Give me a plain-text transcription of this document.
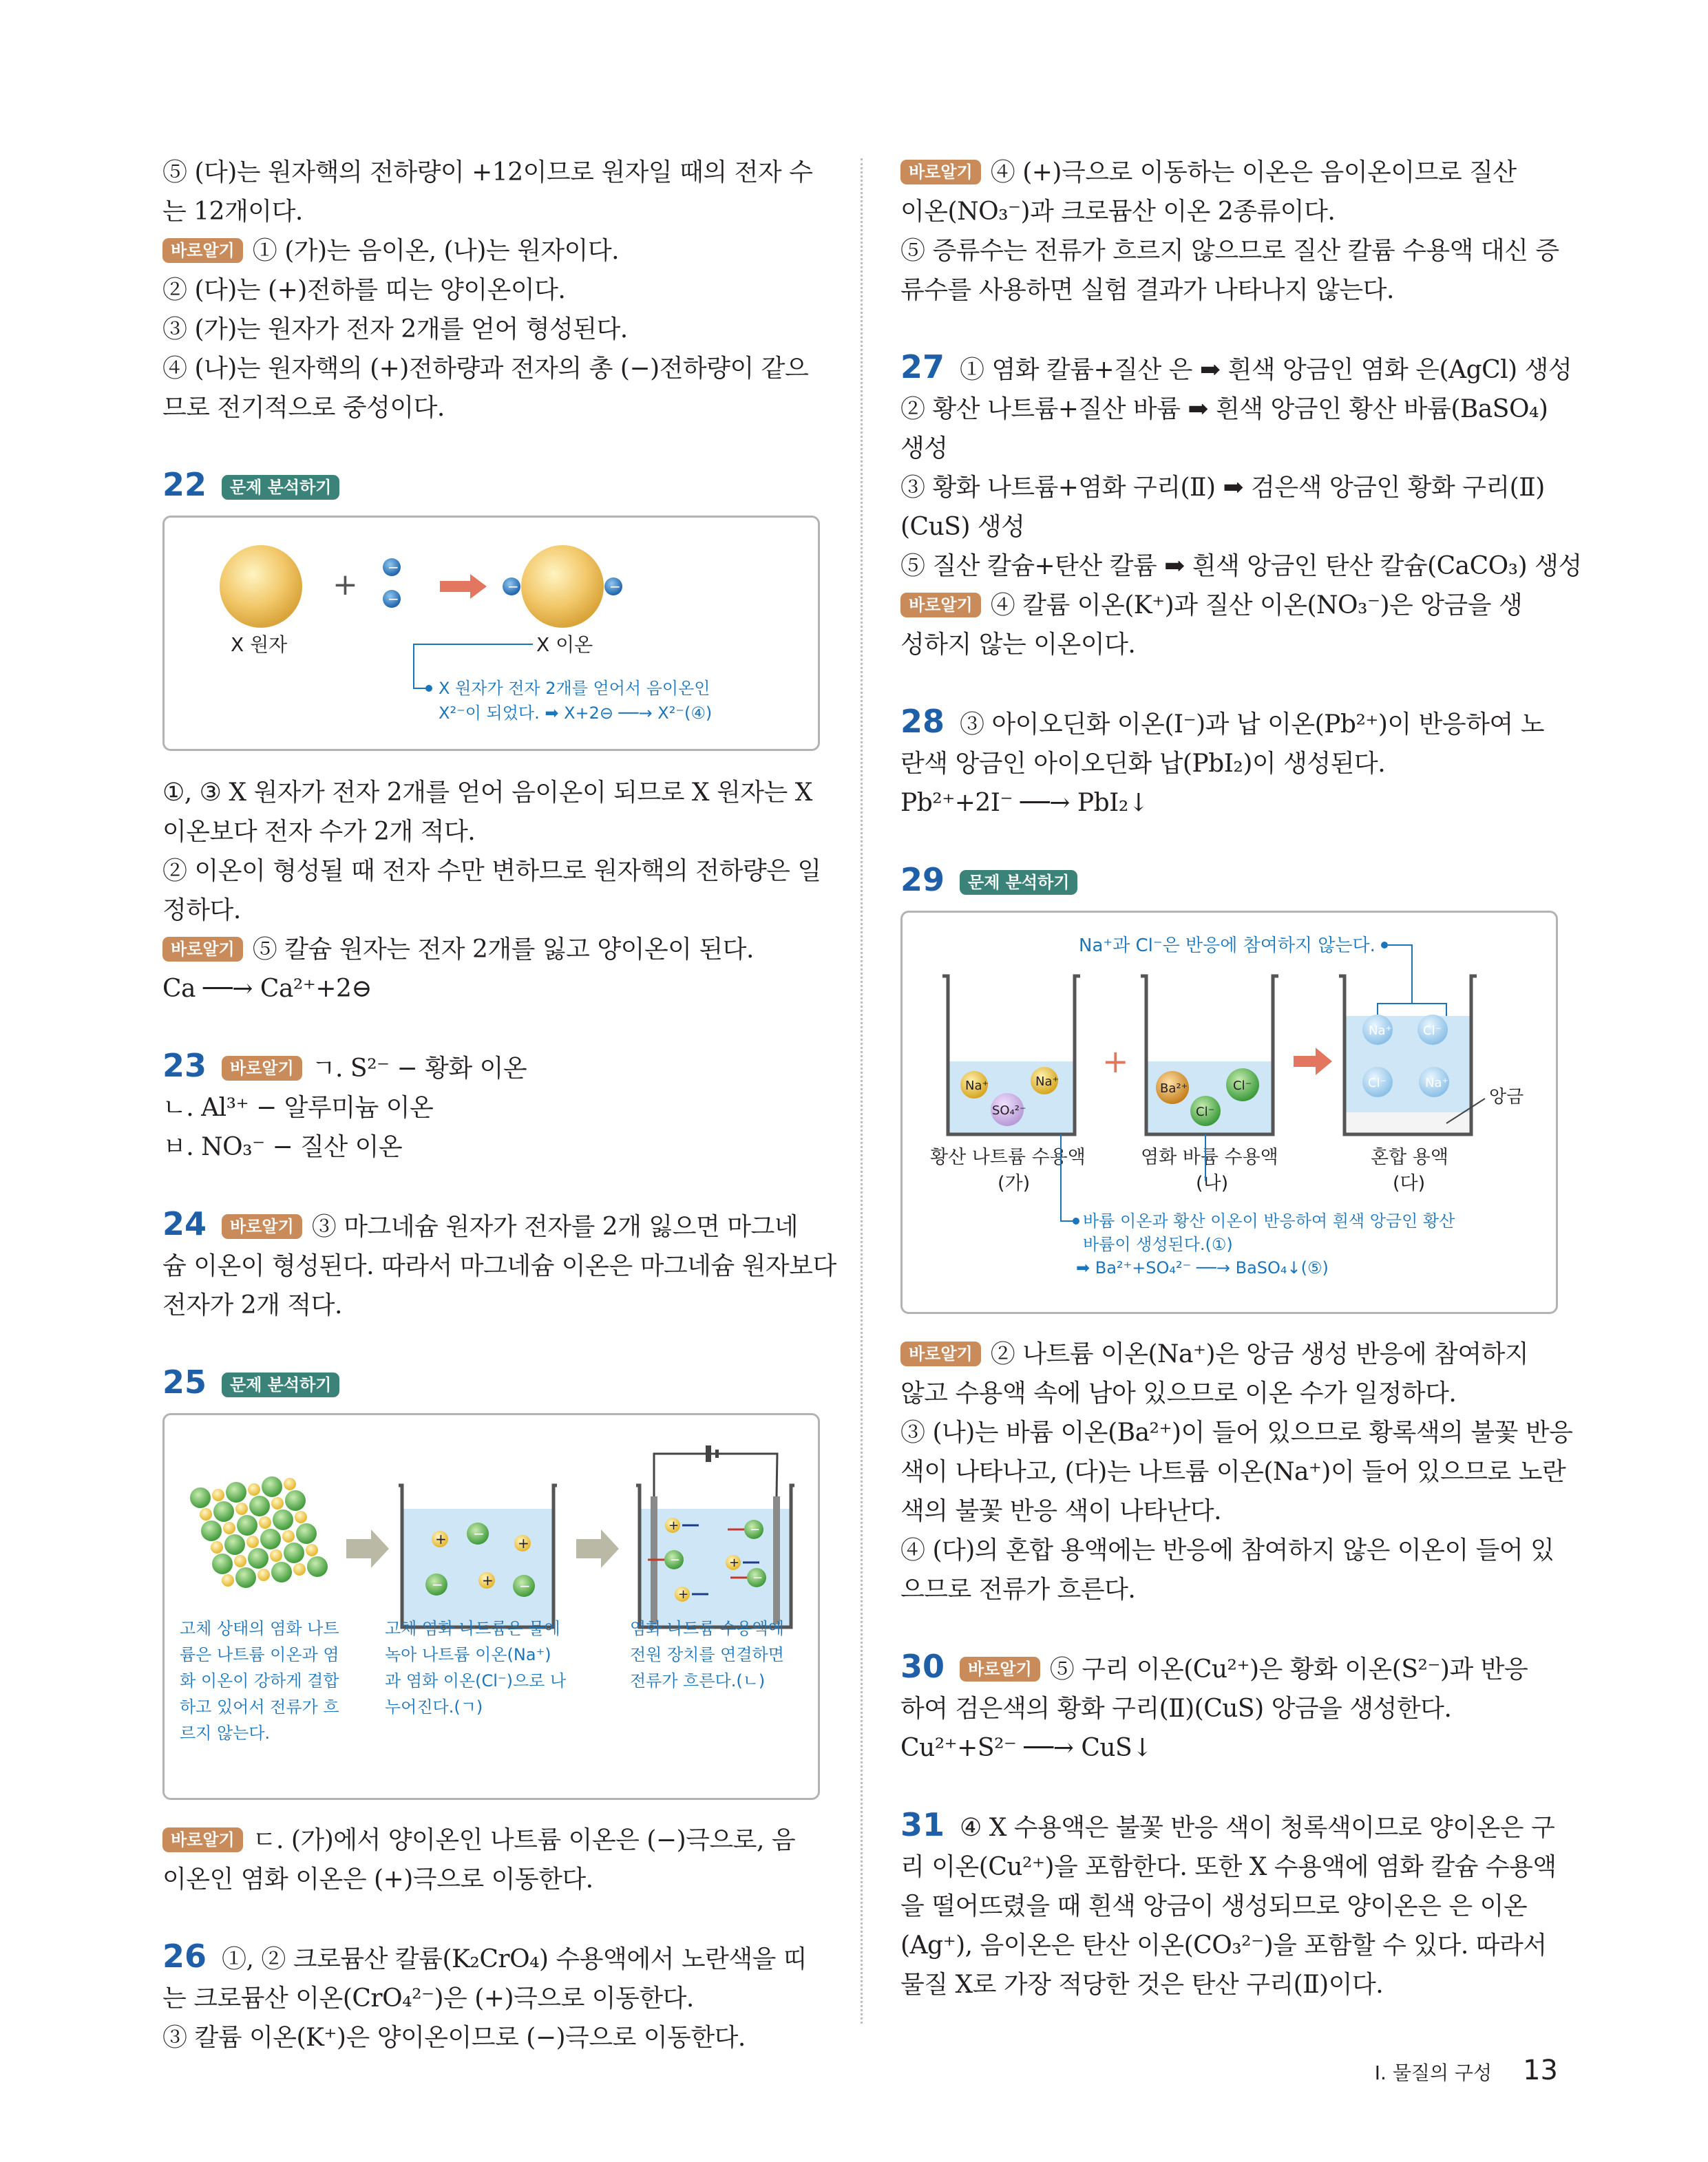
⑤ (다)는 원자핵의 전하량이 +12이므로 원자일 때의 전자 수
는 12개이다.
바로알기 ① (가)는 음이온, (나)는 원자이다.
② (다)는 (+)전하를 띠는 양이온이다.
③ (가)는 원자가 전자 2개를 얻어 형성된다.
④ (나)는 원자핵의 (+)전하량과 전자의 총 (−)전하량이 같으
므로 전기적으로 중성이다.
22 문제 분석하기
+ −
−
−	−
X 원자	X 이온
X 원자가 전자 2개를 얻어서 음이온인
X²⁻이 되었다. ➡ X+2⊖ ──→ X²⁻(④)
①, ③ X 원자가 전자 2개를 얻어 음이온이 되므로 X 원자는 X
이온보다 전자 수가 2개 적다.
② 이온이 형성될 때 전자 수만 변하므로 원자핵의 전하량은 일
정하다.
바로알기 ⑤ 칼슘 원자는 전자 2개를 잃고 양이온이 된다.
Ca ──→ Ca²⁺+2⊖
23 바로알기 ㄱ. S²⁻ − 황화 이온
ㄴ. Al³⁺ − 알루미늄 이온
ㅂ. NO₃⁻ − 질산 이온
24 바로알기 ③ 마그네슘 원자가 전자를 2개 잃으면 마그네
슘 이온이 형성된다. 따라서 마그네슘 이온은 마그네슘 원자보다
전자가 2개 적다.
25 문제 분석하기
+ −
+
−	+ −
+	−
−	+
−
+
고체 상태의 염화 나트
륨은 나트륨 이온과 염
화 이온이 강하게 결합
하고 있어서 전류가 흐
르지 않는다.
고체 염화 나트륨은 물에
녹아 나트륨 이온(Na⁺)
과 염화 이온(Cl⁻)으로 나
누어진다.(ㄱ)
염화 나트륨 수용액에
전원 장치를 연결하면
전류가 흐른다.(ㄴ)
바로알기 ㄷ. (가)에서 양이온인 나트륨 이온은 (−)극으로, 음
이온인 염화 이온은 (+)극으로 이동한다.
26 ①, ② 크로뮴산 칼륨(K₂CrO₄) 수용액에서 노란색을 띠
는 크로뮴산 이온(CrO₄²⁻)은 (+)극으로 이동한다.
③ 칼륨 이온(K⁺)은 양이온이므로 (−)극으로 이동한다.
바로알기 ④ (+)극으로 이동하는 이온은 음이온이므로 질산
이온(NO₃⁻)과 크로뮴산 이온 2종류이다.
⑤ 증류수는 전류가 흐르지 않으므로 질산 칼륨 수용액 대신 증
류수를 사용하면 실험 결과가 나타나지 않는다.
27 ① 염화 칼륨+질산 은 ➡ 흰색 앙금인 염화 은(AgCl) 생성
② 황산 나트륨+질산 바륨 ➡ 흰색 앙금인 황산 바륨(BaSO₄)
생성
③ 황화 나트륨+염화 구리(Ⅱ) ➡ 검은색 앙금인 황화 구리(Ⅱ)
(CuS) 생성
⑤ 질산 칼슘+탄산 칼륨 ➡ 흰색 앙금인 탄산 칼슘(CaCO₃) 생성
바로알기 ④ 칼륨 이온(K⁺)과 질산 이온(NO₃⁻)은 앙금을 생
성하지 않는 이온이다.
28 ③ 아이오딘화 이온(I⁻)과 납 이온(Pb²⁺)이 반응하여 노
란색 앙금인 아이오딘화 납(PbI₂)이 생성된다.
Pb²⁺+2I⁻ ──→ PbI₂↓
29 문제 분석하기
Na⁺과 Cl⁻은 반응에 참여하지 않는다.
Na⁺	Na⁺
SO₄²⁻
+
Ba²⁺	Cl⁻
Cl⁻
Na⁺	Cl⁻
Cl⁻	Na⁺
앙금
황산 나트륨 수용액
(가)
염화 바륨 수용액
(나)
혼합 용액
(다)
바륨 이온과 황산 이온이 반응하여 흰색 앙금인 황산
바륨이 생성된다.(①)
➡ Ba²⁺+SO₄²⁻ ──→ BaSO₄↓(⑤)
바로알기 ② 나트륨 이온(Na⁺)은 앙금 생성 반응에 참여하지
않고 수용액 속에 남아 있으므로 이온 수가 일정하다.
③ (나)는 바륨 이온(Ba²⁺)이 들어 있으므로 황록색의 불꽃 반응
색이 나타나고, (다)는 나트륨 이온(Na⁺)이 들어 있으므로 노란
색의 불꽃 반응 색이 나타난다.
④ (다)의 혼합 용액에는 반응에 참여하지 않은 이온이 들어 있
으므로 전류가 흐른다.
30 바로알기 ⑤ 구리 이온(Cu²⁺)은 황화 이온(S²⁻)과 반응
하여 검은색의 황화 구리(Ⅱ)(CuS) 앙금을 생성한다.
Cu²⁺+S²⁻ ──→ CuS↓
31 ④ X 수용액은 불꽃 반응 색이 청록색이므로 양이온은 구
리 이온(Cu²⁺)을 포함한다. 또한 X 수용액에 염화 칼슘 수용액
을 떨어뜨렸을 때 흰색 앙금이 생성되므로 양이온은 은 이온
(Ag⁺), 음이온은 탄산 이온(CO₃²⁻)을 포함할 수 있다. 따라서
물질 X로 가장 적당한 것은 탄산 구리(Ⅱ)이다.
Ⅰ. 물질의 구성 13
